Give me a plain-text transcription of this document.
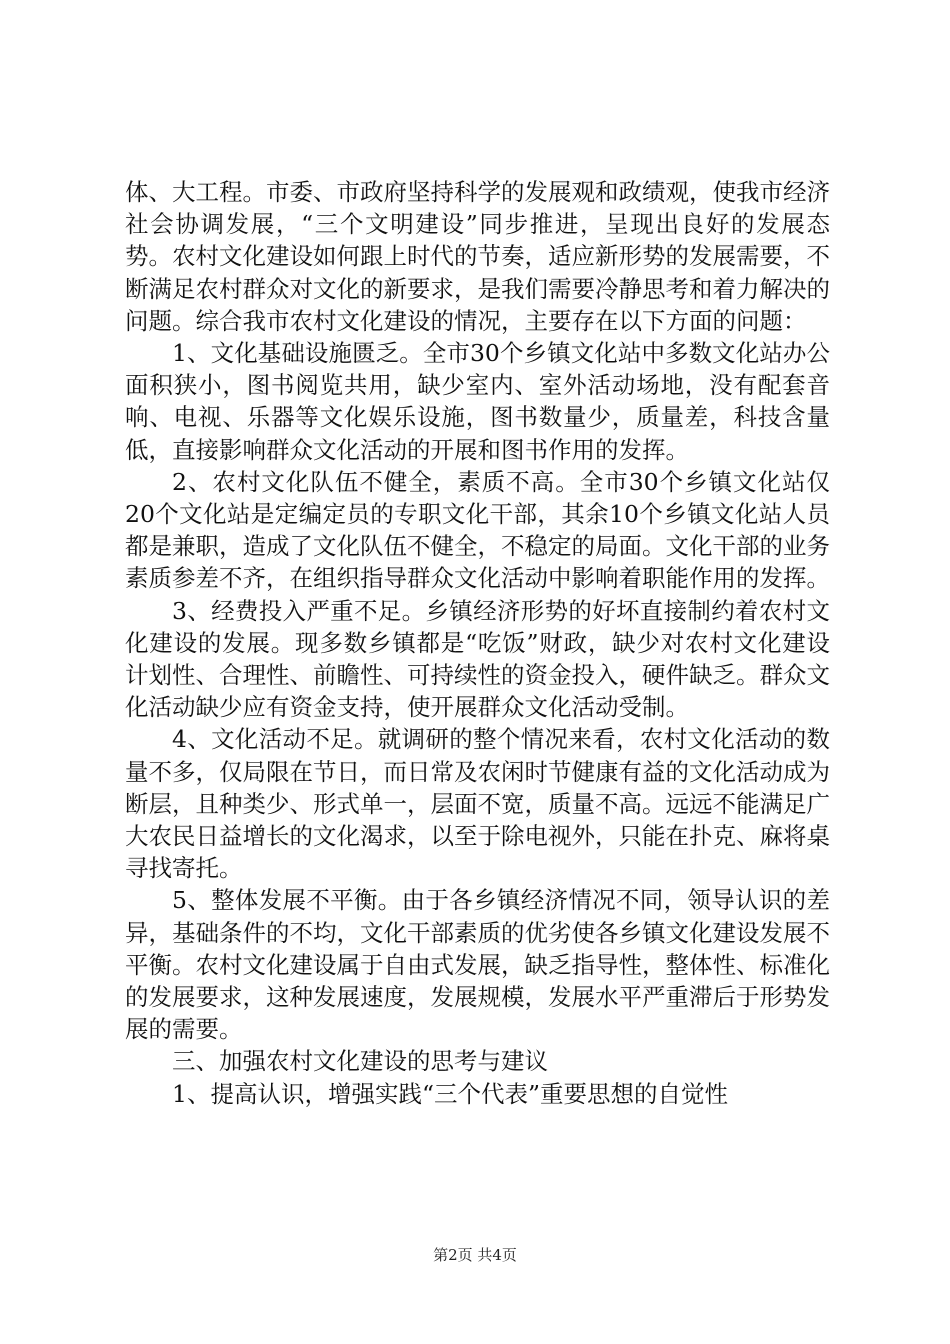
体、大工程。市委、市政府坚持科学的发展观和政绩观，使我市经济社会协调发展，“三个文明建设”同步推进，呈现出良好的发展态势。农村文化建设如何跟上时代的节奏，适应新形势的发展需要，不断满足农村群众对文化的新要求，是我们需要冷静思考和着力解决的问题。综合我市农村文化建设的情况，主要存在以下方面的问题：

1、文化基础设施匮乏。全市30个乡镇文化站中多数文化站办公面积狭小，图书阅览共用，缺少室内、室外活动场地，没有配套音响、电视、乐器等文化娱乐设施，图书数量少，质量差，科技含量低，直接影响群众文化活动的开展和图书作用的发挥。

2、农村文化队伍不健全，素质不高。全市30个乡镇文化站仅20个文化站是定编定员的专职文化干部，其余10个乡镇文化站人员都是兼职，造成了文化队伍不健全，不稳定的局面。文化干部的业务素质参差不齐，在组织指导群众文化活动中影响着职能作用的发挥。

3、经费投入严重不足。乡镇经济形势的好坏直接制约着农村文化建设的发展。现多数乡镇都是“吃饭”财政，缺少对农村文化建设计划性、合理性、前瞻性、可持续性的资金投入，硬件缺乏。群众文化活动缺少应有资金支持，使开展群众文化活动受制。

4、文化活动不足。就调研的整个情况来看，农村文化活动的数量不多，仅局限在节日，而日常及农闲时节健康有益的文化活动成为断层，且种类少、形式单一，层面不宽，质量不高。远远不能满足广大农民日益增长的文化渴求，以至于除电视外，只能在扑克、麻将桌寻找寄托。

5、整体发展不平衡。由于各乡镇经济情况不同，领导认识的差异，基础条件的不均，文化干部素质的优劣使各乡镇文化建设发展不平衡。农村文化建设属于自由式发展，缺乏指导性，整体性、标准化的发展要求，这种发展速度，发展规模，发展水平严重滞后于形势发展的需要。

三、加强农村文化建设的思考与建议

1、提高认识，增强实践“三个代表”重要思想的自觉性

第2页 共4页
